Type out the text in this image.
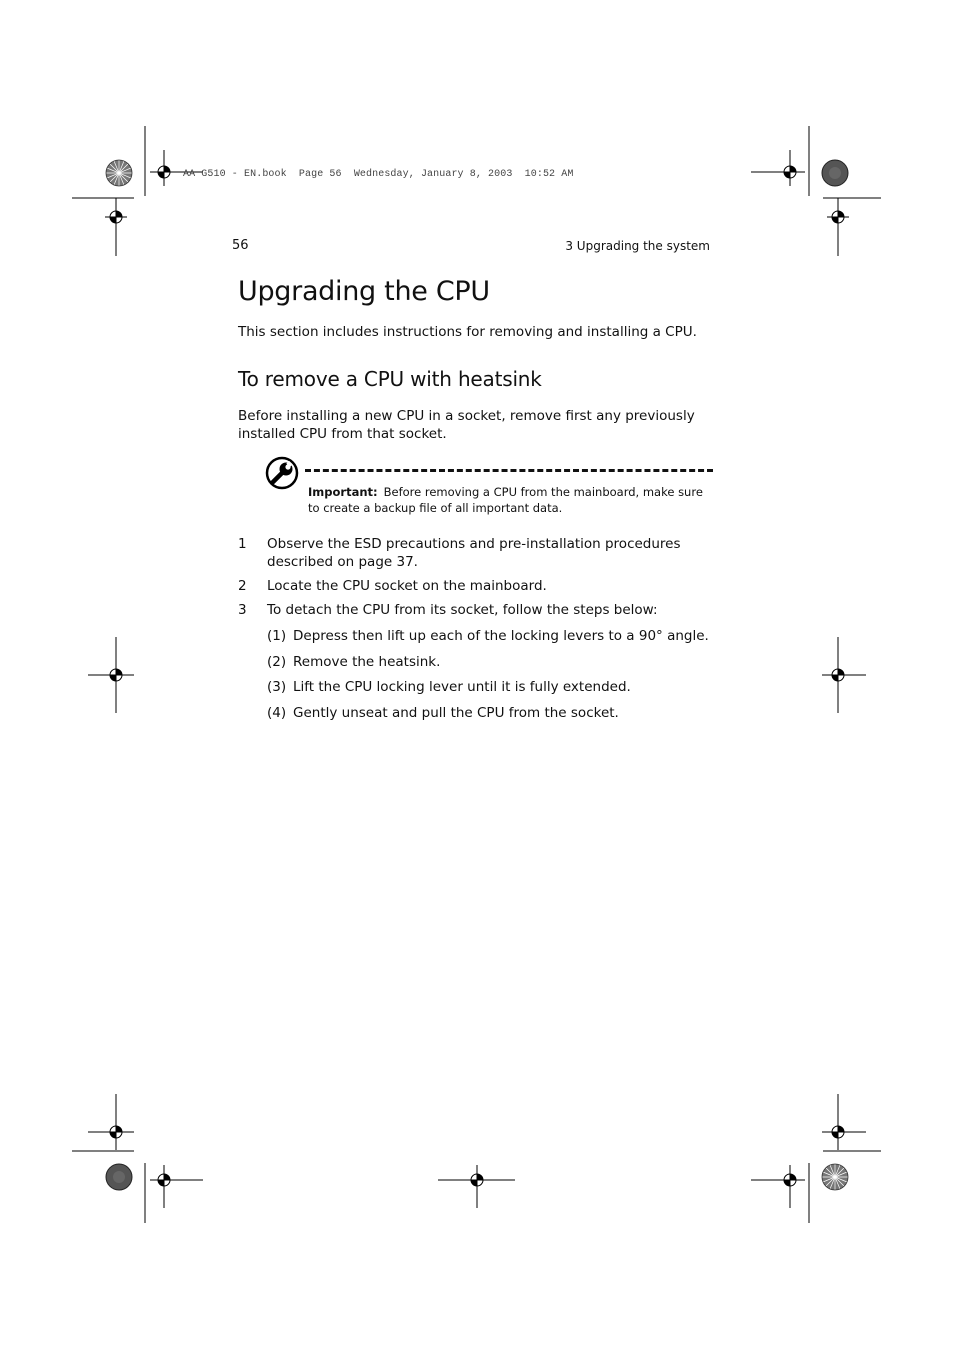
AA G510 - EN.book  Page 56  Wednesday, January 8, 2003  10:52 AM
56	3 Upgrading the system
Upgrading the CPU

This section includes instructions for removing and installing a CPU.

To remove a CPU with heatsink

Before installing a new CPU in a socket, remove first any previously installed CPU from that socket.

Important: Before removing a CPU from the mainboard, make sure to create a backup file of all important data.

1 Observe the ESD precautions and pre-installation procedures described on page 37.
2 Locate the CPU socket on the mainboard.
3 To detach the CPU from its socket, follow the steps below:
(1) Depress then lift up each of the locking levers to a 90° angle.
(2) Remove the heatsink.
(3) Lift the CPU locking lever until it is fully extended.
(4) Gently unseat and pull the CPU from the socket.
